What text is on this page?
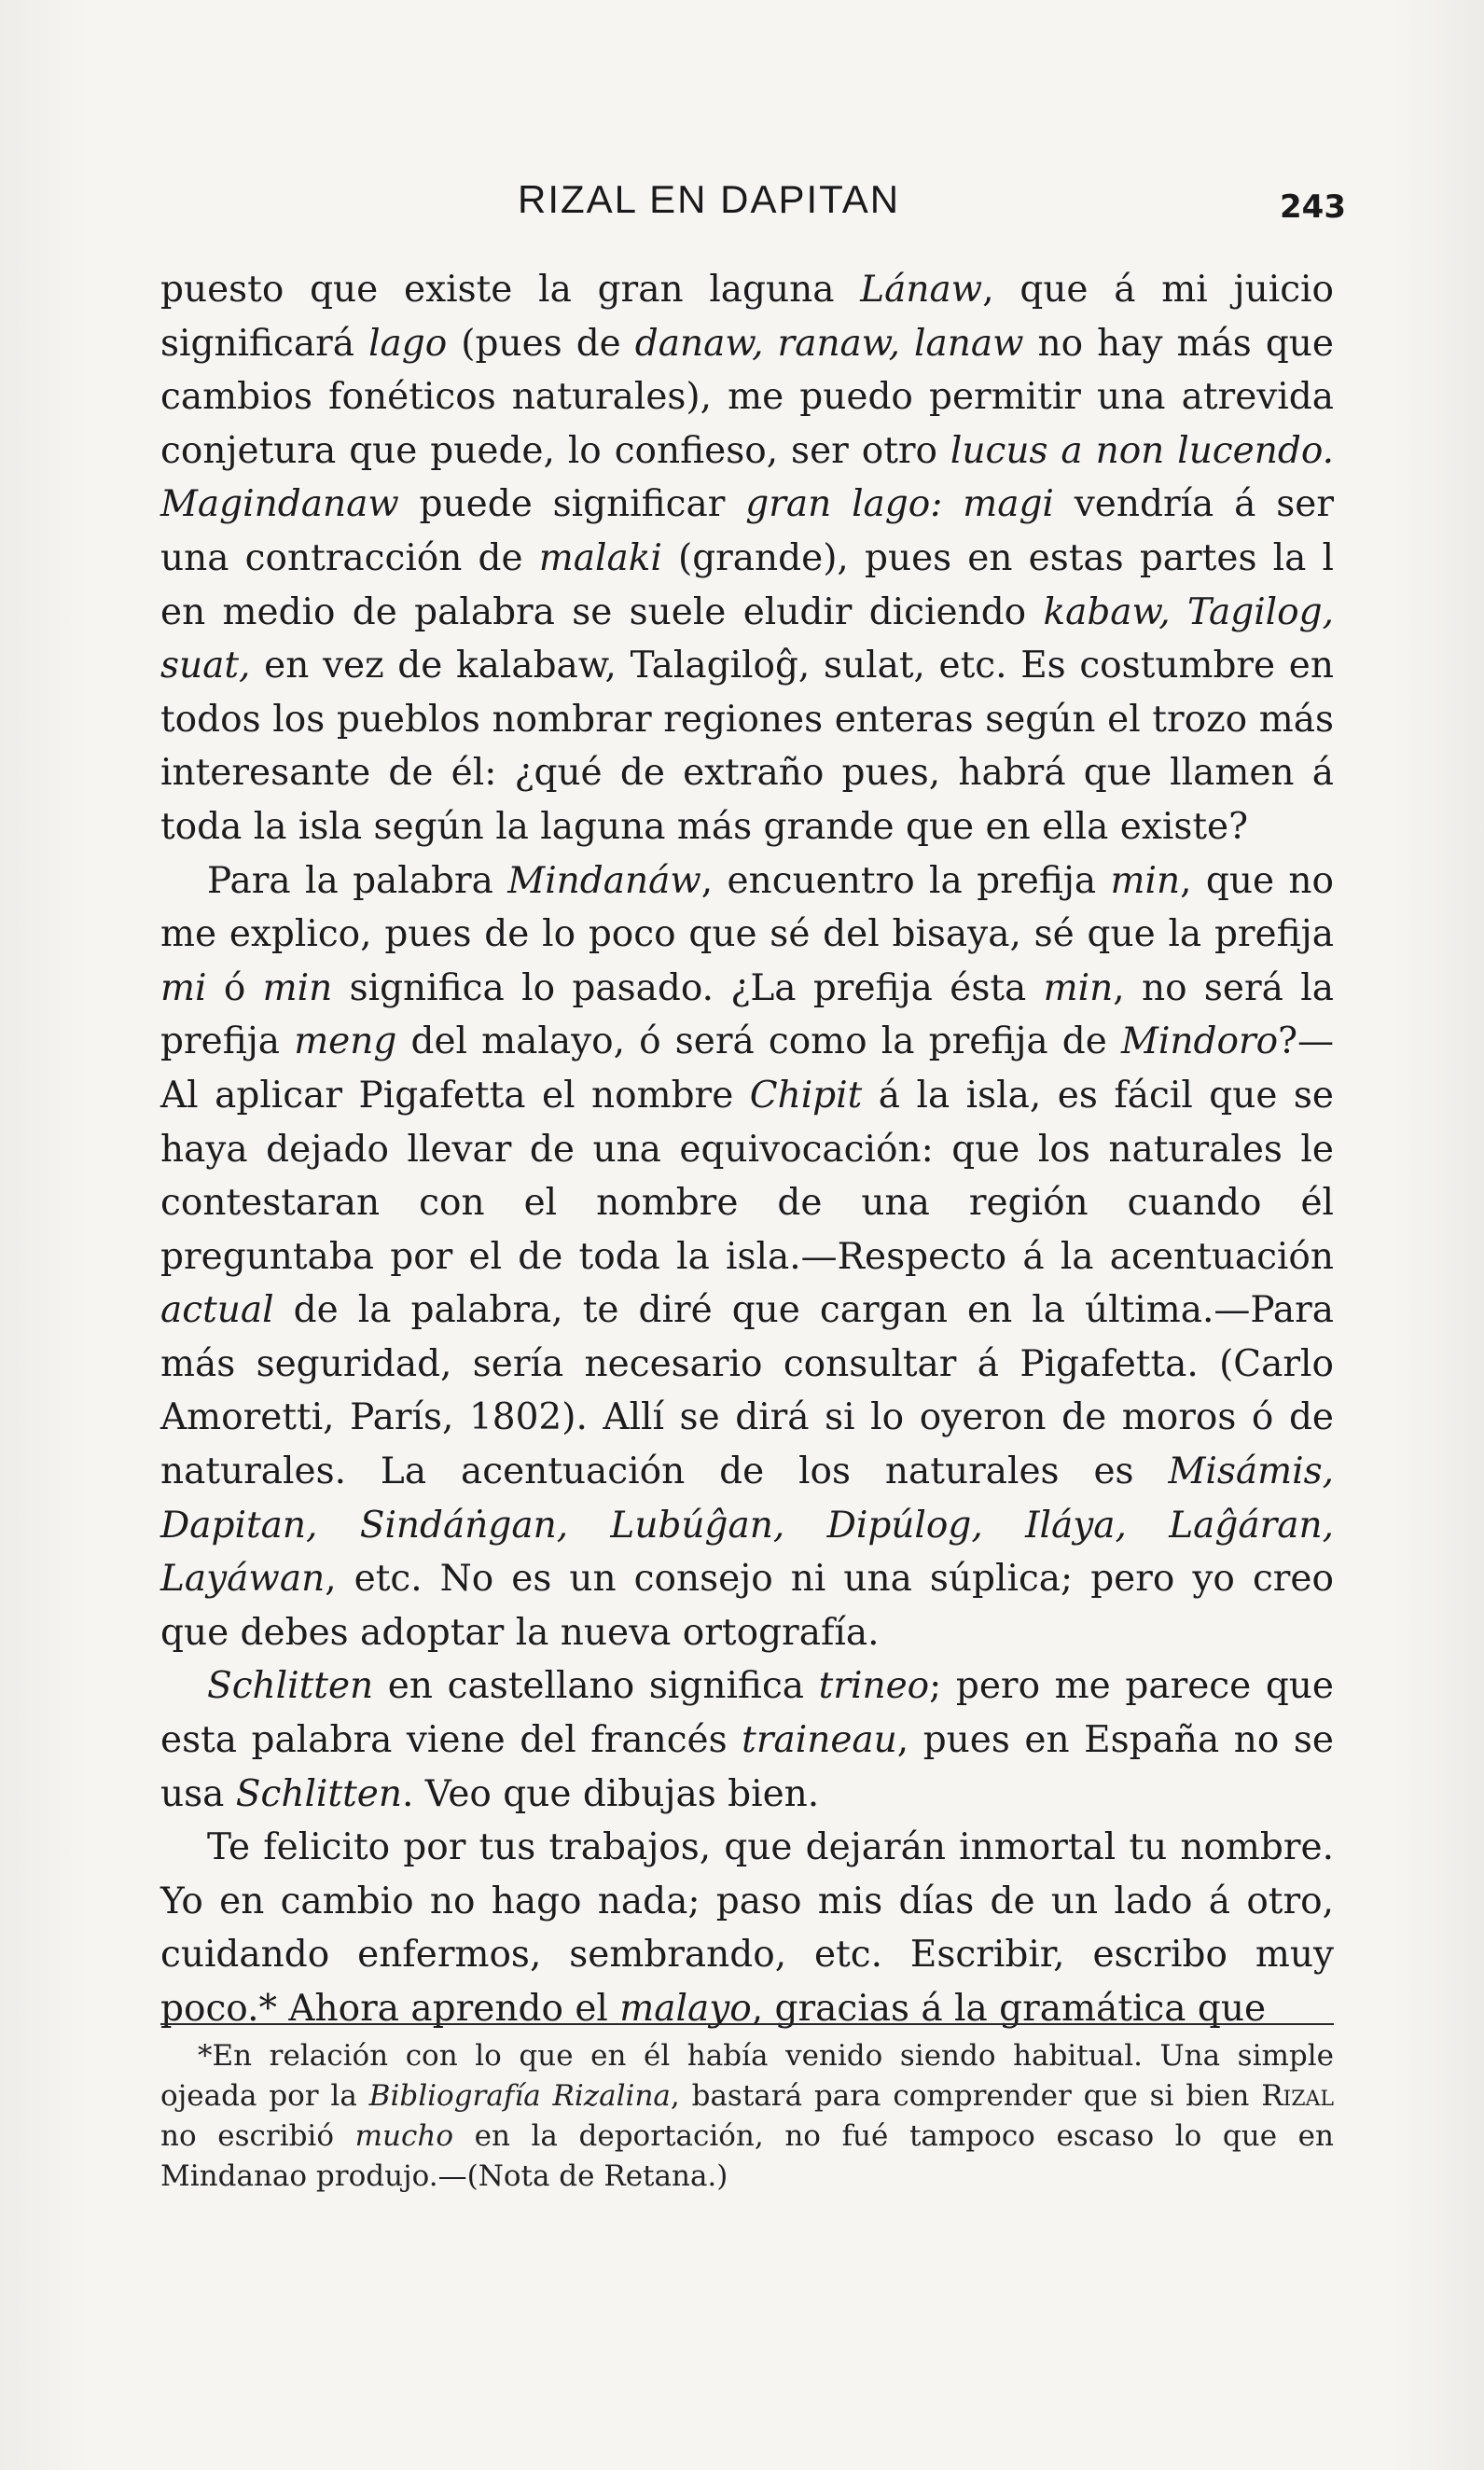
RIZAL EN DAPITAN	243

puesto que existe la gran laguna Lánaw, que á mi juicio significará lago (pues de danaw, ranaw, lanaw no hay más que cambios fonéticos naturales), me puedo permitir una atrevida conjetura que puede, lo confieso, ser otro lucus a non lucendo. Magindanaw puede significar gran lago: magi vendría á ser una contracción de malaki (grande), pues en estas partes la l en medio de palabra se suele eludir diciendo kabaw, Tagilog, suat, en vez de kalabaw, Talagiloĝ, sulat, etc. Es costumbre en todos los pueblos nombrar regiones enteras según el trozo más interesante de él: ¿qué de extraño pues, habrá que llamen á toda la isla según la laguna más grande que en ella existe?

Para la palabra Mindanáw, encuentro la prefija min, que no me explico, pues de lo poco que sé del bisaya, sé que la prefija mi ó min significa lo pasado. ¿La prefija ésta min, no será la prefija meng del malayo, ó será como la prefija de Mindoro?— Al aplicar Pigafetta el nombre Chipit á la isla, es fácil que se haya dejado llevar de una equivocación: que los naturales le contestaran con el nombre de una región cuando él preguntaba por el de toda la isla.—Respecto á la acentuación actual de la palabra, te diré que cargan en la última.—Para más seguridad, sería necesario consultar á Pigafetta. (Carlo Amoretti, París, 1802). Allí se dirá si lo oyeron de moros ó de naturales. La acentuación de los naturales es Misámis, Dapitan, Sindáṅgan, Lubúĝan, Dipúlog, Iláya, Laĝáran, Layáwan, etc. No es un consejo ni una súplica; pero yo creo que debes adoptar la nueva ortografía.

Schlitten en castellano significa trineo; pero me parece que esta palabra viene del francés traineau, pues en España no se usa Schlitten. Veo que dibujas bien.

Te felicito por tus trabajos, que dejarán inmortal tu nombre. Yo en cambio no hago nada; paso mis días de un lado á otro, cuidando enfermos, sembrando, etc. Escribir, escribo muy poco.* Ahora aprendo el malayo, gracias á la gramática que

*En relación con lo que en él había venido siendo habitual. Una simple ojeada por la Bibliografía Rizalina, bastará para comprender que si bien Rizal no escribió mucho en la deportación, no fué tampoco escaso lo que en Mindanao produjo.—(Nota de Retana.)
